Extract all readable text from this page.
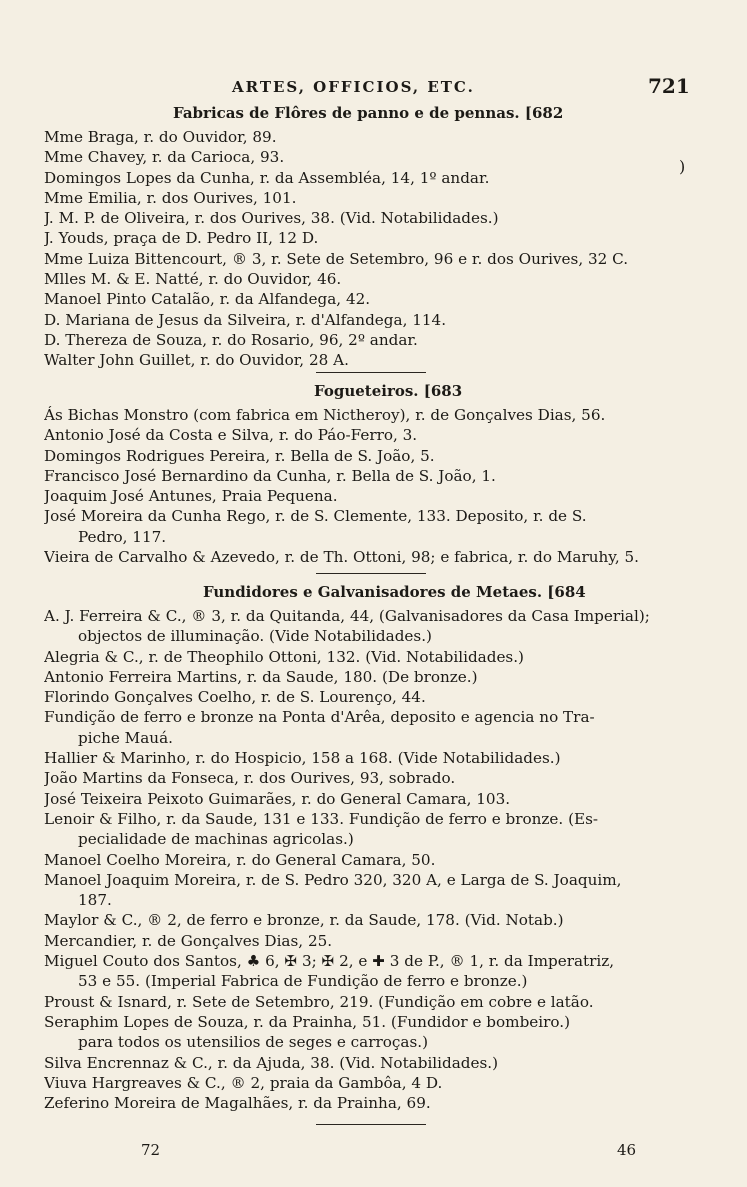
ARTES, OFFICIOS, ETC.	721
)
Fabricas de Flôres de panno e de pennas. [682
Mme Braga, r. do Ouvidor, 89.
Mme Chavey, r. da Carioca, 93.
Domingos Lopes da Cunha, r. da Assembléa, 14, 1º andar.
Mme Emilia, r. dos Ourives, 101.
J. M. P. de Oliveira, r. dos Ourives, 38. (Vid. Notabilidades.)
J. Youds, praça de D. Pedro II, 12 D.
Mme Luiza Bittencourt, ® 3, r. Sete de Setembro, 96 e r. dos Ourives, 32 C.
Mlles M. & E. Natté, r. do Ouvidor, 46.
Manoel Pinto Catalão, r. da Alfandega, 42.
D. Mariana de Jesus da Silveira, r. d'Alfandega, 114.
D. Thereza de Souza, r. do Rosario, 96, 2º andar.
Walter John Guillet, r. do Ouvidor, 28 A.
Fogueteiros. [683
Ás Bichas Monstro (com fabrica em Nictheroy), r. de Gonçalves Dias, 56.
Antonio José da Costa e Silva, r. do Páo-Ferro, 3.
Domingos Rodrigues Pereira, r. Bella de S. João, 5.
Francisco José Bernardino da Cunha, r. Bella de S. João, 1.
Joaquim José Antunes, Praia Pequena.
José Moreira da Cunha Rego, r. de S. Clemente, 133. Deposito, r. de S.
Pedro, 117.
Vieira de Carvalho & Azevedo, r. de Th. Ottoni, 98; e fabrica, r. do Maruhy, 5.
Fundidores e Galvanisadores de Metaes. [684
A. J. Ferreira & C., ® 3, r. da Quitanda, 44, (Galvanisadores da Casa Imperial);
objectos de illuminação. (Vide Notabilidades.)
Alegria & C., r. de Theophilo Ottoni, 132. (Vid. Notabilidades.)
Antonio Ferreira Martins, r. da Saude, 180. (De bronze.)
Florindo Gonçalves Coelho, r. de S. Lourenço, 44.
Fundição de ferro e bronze na Ponta d'Arêa, deposito e agencia no Tra-
piche Mauá.
Hallier & Marinho, r. do Hospicio, 158 a 168. (Vide Notabilidades.)
João Martins da Fonseca, r. dos Ourives, 93, sobrado.
José Teixeira Peixoto Guimarães, r. do General Camara, 103.
Lenoir & Filho, r. da Saude, 131 e 133. Fundição de ferro e bronze. (Es-
pecialidade de machinas agricolas.)
Manoel Coelho Moreira, r. do General Camara, 50.
Manoel Joaquim Moreira, r. de S. Pedro 320, 320 A, e Larga de S. Joaquim,
187.
Maylor & C., ® 2, de ferro e bronze, r. da Saude, 178. (Vid. Notab.)
Mercandier, r. de Gonçalves Dias, 25.
Miguel Couto dos Santos, ♣ 6, ✠ 3; ✠ 2, e ✚ 3 de P., ® 1, r. da Imperatriz,
53 e 55. (Imperial Fabrica de Fundição de ferro e bronze.)
Proust & Isnard, r. Sete de Setembro, 219. (Fundição em cobre e latão.
Seraphim Lopes de Souza, r. da Prainha, 51. (Fundidor e bombeiro.)
para todos os utensilios de seges e carroças.)
Silva Encrennaz & C., r. da Ajuda, 38. (Vid. Notabilidades.)
Viuva Hargreaves & C., ® 2, praia da Gambôa, 4 D.
Zeferino Moreira de Magalhães, r. da Prainha, 69.
72	46
